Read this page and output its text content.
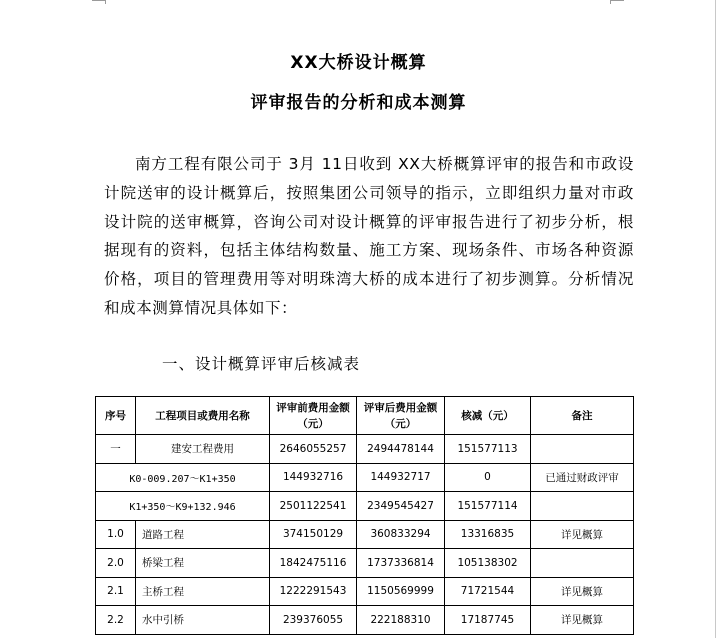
XX大桥设计概算
评审报告的分析和成本测算

南方工程有限公司于 3月 11日收到 XX大桥概算评审的报告和市政设计院送审的设计概算后，按照集团公司领导的指示，立即组织力量对市政设计院的送审概算，咨询公司对设计概算的评审报告进行了初步分析，根据现有的资料，包括主体结构数量、施工方案、现场条件、市场各种资源价格，项目的管理费用等对明珠湾大桥的成本进行了初步测算。分析情况和成本测算情况具体如下：

一、设计概算评审后核减表
序号	工程项目或费用名称	评审前费用金额（元）	评审后费用金额（元）	核减（元）	备注
一	建安工程费用	2646055257	2494478144	151577113	
K0-009.207～K1+350		144932716	144932717	0	已通过财政评审
K1+350～K9+132.946		2501122541	2349545427	151577114	
1.0	道路工程	374150129	360833294	13316835	详见概算
2.0	桥梁工程	1842475116	1737336814	105138302	
2.1	主桥工程	1222291543	1150569999	71721544	详见概算
2.2	水中引桥	239376055	222188310	17187745	详见概算
